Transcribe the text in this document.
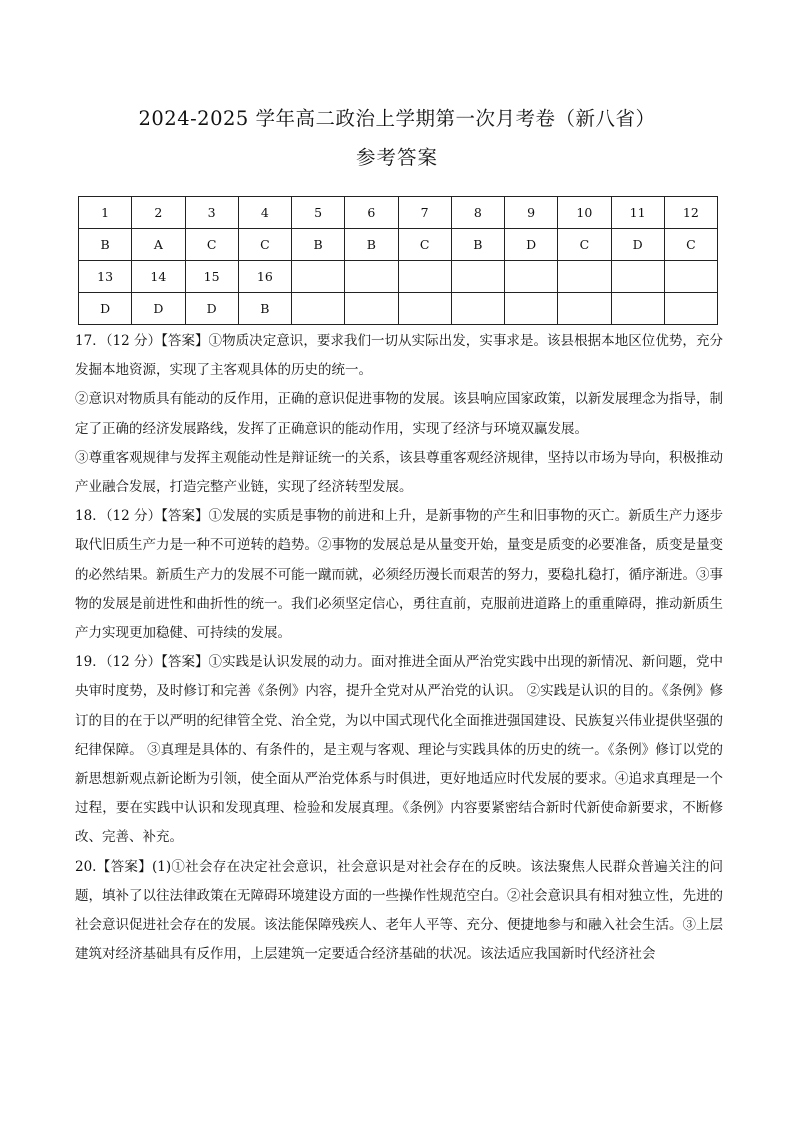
2024-2025 学年高二政治上学期第一次月考卷（新八省）
参考答案
1	2	3	4	5	6	7	8	9	10	11	12
B	A	C	C	B	B	C	B	D	C	D	C
13	14	15	16								
D	D	D	B								

17．（12 分）【答案】①物质决定意识，要求我们一切从实际出发，实事求是。该县根据本地区位优势，充分发掘本地资源，实现了主客观具体的历史的统一。

②意识对物质具有能动的反作用，正确的意识促进事物的发展。该县响应国家政策，以新发展理念为指导，制定了正确的经济发展路线，发挥了正确意识的能动作用，实现了经济与环境双赢发展。

③尊重客观规律与发挥主观能动性是辩证统一的关系，该县尊重客观经济规律，坚持以市场为导向，积极推动产业融合发展，打造完整产业链，实现了经济转型发展。

18．（12 分）【答案】①发展的实质是事物的前进和上升，是新事物的产生和旧事物的灭亡。新质生产力逐步取代旧质生产力是一种不可逆转的趋势。②事物的发展总是从量变开始，量变是质变的必要准备，质变是量变的必然结果。新质生产力的发展不可能一蹴而就，必须经历漫长而艰苦的努力，要稳扎稳打，循序渐进。③事物的发展是前进性和曲折性的统一。我们必须坚定信心，勇往直前，克服前进道路上的重重障碍，推动新质生产力实现更加稳健、可持续的发展。

19．（12 分）【答案】①实践是认识发展的动力。面对推进全面从严治党实践中出现的新情况、新问题，党中央审时度势，及时修订和完善《条例》内容，提升全党对从严治党的认识。 ②实践是认识的目的。《条例》修订的目的在于以严明的纪律管全党、治全党，为以中国式现代化全面推进强国建设、民族复兴伟业提供坚强的纪律保障。 ③真理是具体的、有条件的，是主观与客观、理论与实践具体的历史的统一。《条例》修订以党的新思想新观点新论断为引领，使全面从严治党体系与时俱进，更好地适应时代发展的要求。④追求真理是一个过程，要在实践中认识和发现真理、检验和发展真理。《条例》内容要紧密结合新时代新使命新要求，不断修改、完善、补充。

20.【答案】(1)①社会存在决定社会意识，社会意识是对社会存在的反映。该法聚焦人民群众普遍关注的问题，填补了以往法律政策在无障碍环境建设方面的一些操作性规范空白。②社会意识具有相对独立性，先进的社会意识促进社会存在的发展。该法能保障残疾人、老年人平等、充分、便捷地参与和融入社会生活。③上层建筑对经济基础具有反作用，上层建筑一定要适合经济基础的状况。该法适应我国新时代经济社会
